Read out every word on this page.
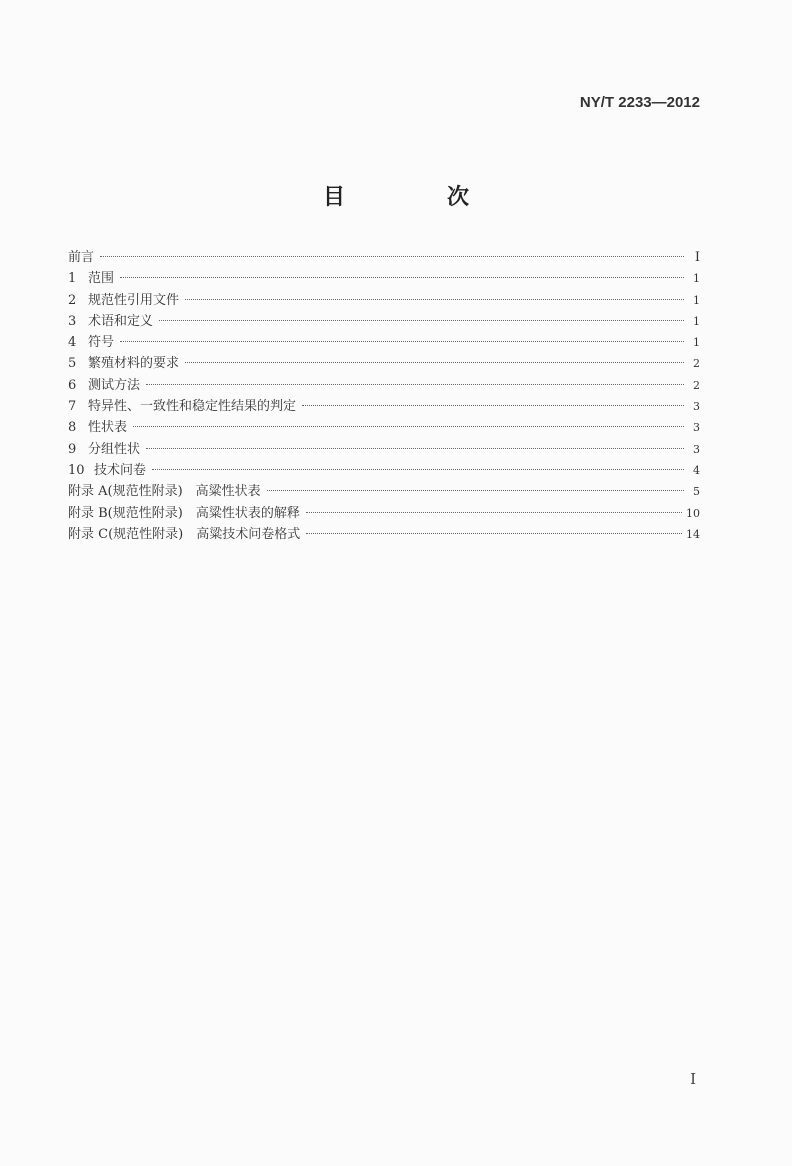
NY/T 2233—2012
目　次
前言	I
1 范围	1
2 规范性引用文件	1
3 术语和定义	1
4 符号	1
5 繁殖材料的要求	2
6 测试方法	2
7 特异性、一致性和稳定性结果的判定	3
8 性状表	3
9 分组性状	3
10 技术问卷	4
附录 A(规范性附录)　高粱性状表	5
附录 B(规范性附录)　高粱性状表的解释	10
附录 C(规范性附录)　高粱技术问卷格式	14
I
